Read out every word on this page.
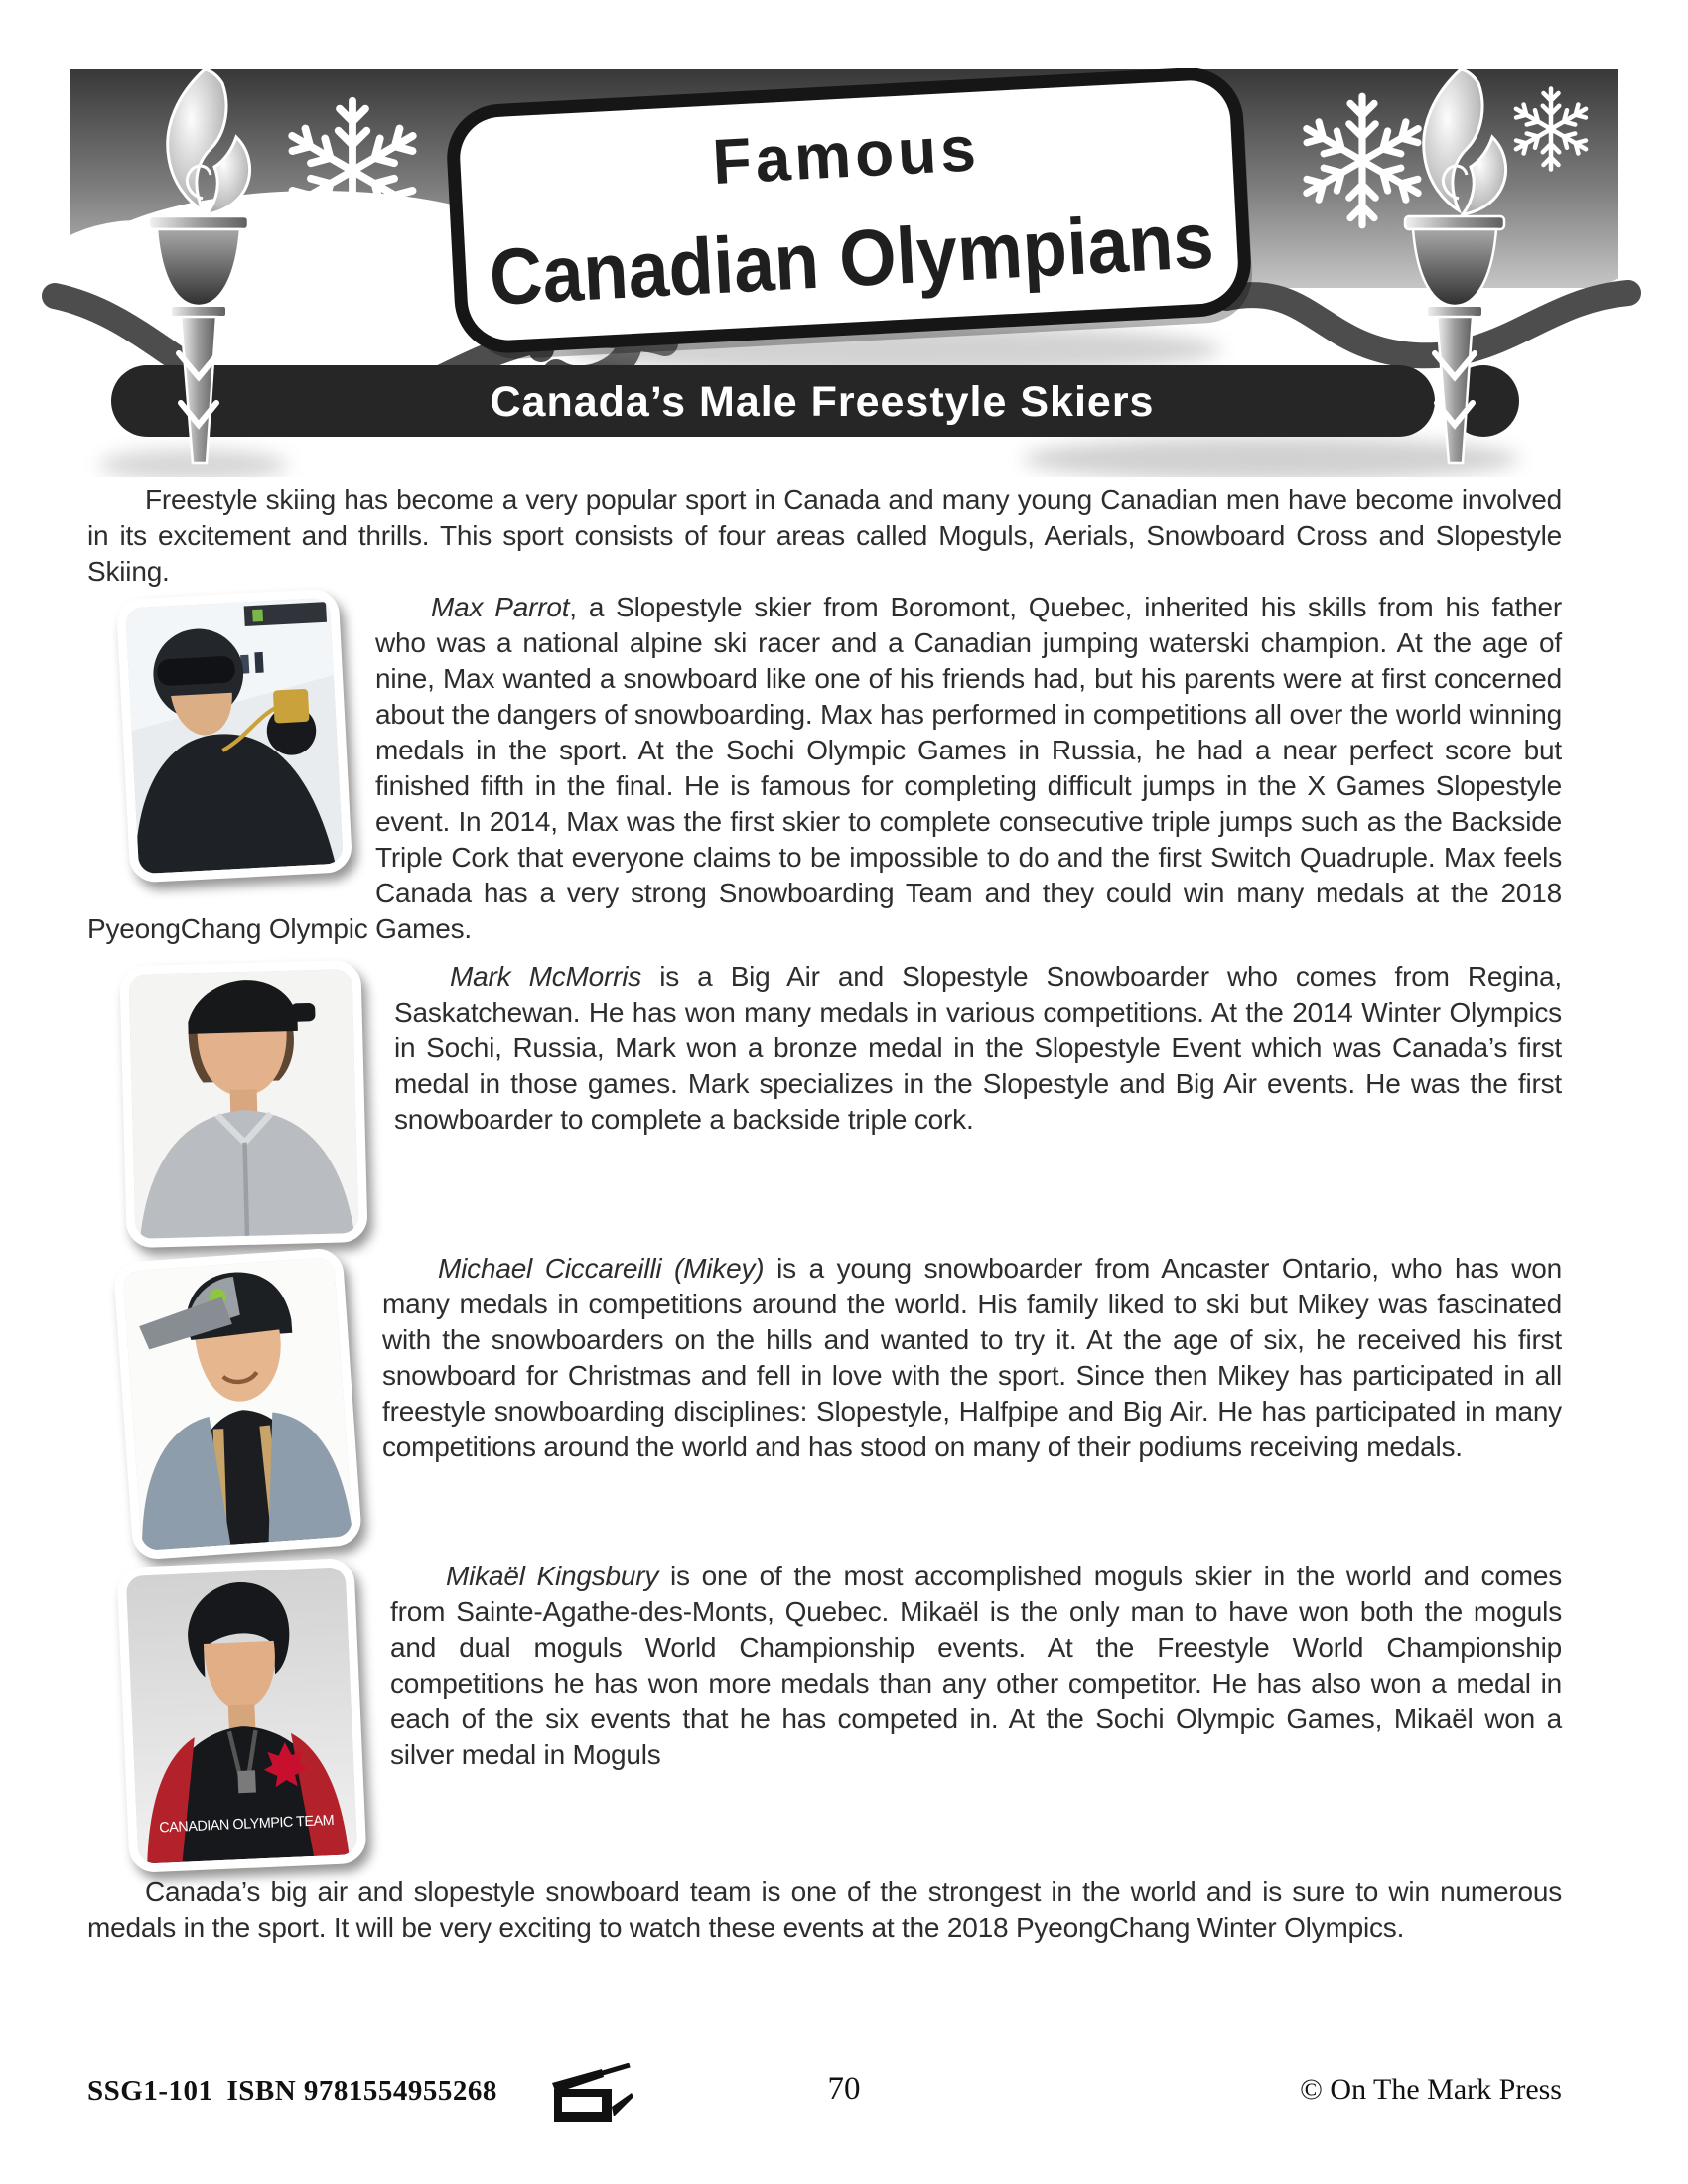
Famous
Canadian Olympians
Canada’s Male Freestyle Skiers

Freestyle skiing has become a very popular sport in Canada and many young Canadian men have become involved in its excitement and thrills. This sport consists of four areas called Moguls, Aerials, Snowboard Cross and Slopestyle Skiing.

Max Parrot, a Slopestyle skier from Boromont, Quebec, inherited his skills from his father who was a national alpine ski racer and a Canadian jumping waterski champion. At the age of nine, Max wanted a snowboard like one of his friends had, but his parents were at first concerned about the dangers of snowboarding. Max has performed in competitions all over the world winning medals in the sport. At the Sochi Olympic Games in Russia, he had a near perfect score but finished fifth in the final. He is famous for completing difficult jumps in the X Games Slopestyle event. In 2014, Max was the first skier to complete consecutive triple jumps such as the Backside Triple Cork that everyone claims to be impossible to do and the first Switch Quadruple. Max feels Canada has a very strong Snowboarding Team and they could win many medals at the 2018 PyeongChang Olympic Games.

Mark McMorris is a Big Air and Slopestyle Snowboarder who comes from Regina, Saskatchewan. He has won many medals in various competitions. At the 2014 Winter Olympics in Sochi, Russia, Mark won a bronze medal in the Slopestyle Event which was Canada’s first medal in those games. Mark specializes in the Slopestyle and Big Air events. He was the first snowboarder to complete a backside triple cork.

Michael Ciccareilli (Mikey) is a young snowboarder from Ancaster Ontario, who has won many medals in competitions around the world. His family liked to ski but Mikey was fascinated with the snowboarders on the hills and wanted to try it. At the age of six, he received his first snowboard for Christmas and fell in love with the sport. Since then Mikey has participated in all freestyle snowboarding disciplines: Slopestyle, Halfpipe and Big Air. He has participated in many competitions around the world and has stood on many of their podiums receiving medals.

CANADIAN OLYMPIC TEAM

Mikaël Kingsbury is one of the most accomplished moguls skier in the world and comes from Sainte-Agathe-des-Monts, Quebec. Mikaël is the only man to have won both the moguls and dual moguls World Championship events. At the Freestyle World Championship competitions he has won more medals than any other competitor. He has also won a medal in each of the six events that he has competed in. At the Sochi Olympic Games, Mikaël won a silver medal in Moguls

Canada’s big air and slopestyle snowboard team is one of the strongest in the world and is sure to win numerous medals in the sport. It will be very exciting to watch these events at the 2018 PyeongChang Winter Olympics.

SSG1-101 ISBN 9781554955268	70	© On The Mark Press
